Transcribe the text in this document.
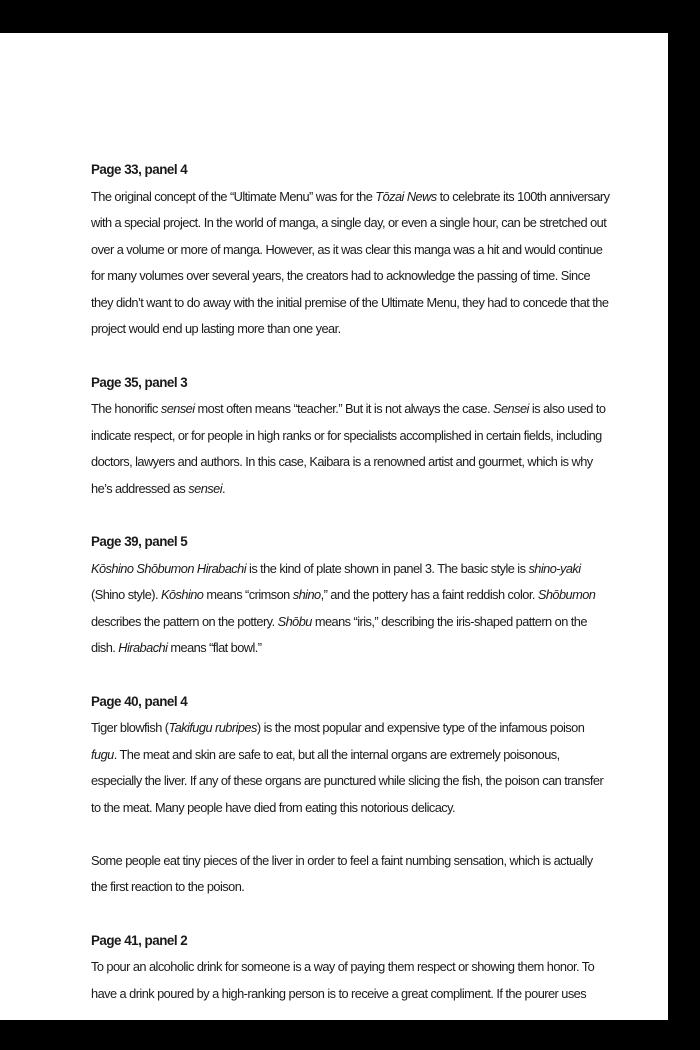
Page 33, panel 4
The original concept of the “Ultimate Menu” was for the Tōzai News to celebrate its 100th anniversary with a special project. In the world of manga, a single day, or even a single hour, can be stretched out over a volume or more of manga. However, as it was clear this manga was a hit and would continue for many volumes over several years, the creators had to acknowledge the passing of time. Since they didn’t want to do away with the initial premise of the Ultimate Menu, they had to concede that the project would end up lasting more than one year.
Page 35, panel 3
The honorific sensei most often means “teacher.” But it is not always the case. Sensei is also used to indicate respect, or for people in high ranks or for specialists accomplished in certain fields, including doctors, lawyers and authors. In this case, Kaibara is a renowned artist and gourmet, which is why he’s addressed as sensei.
Page 39, panel 5
Kōshino Shōbumon Hirabachi is the kind of plate shown in panel 3. The basic style is shino-yaki (Shino style). Kōshino means “crimson shino,” and the pottery has a faint reddish color. Shōbumon describes the pattern on the pottery. Shōbu means “iris,” describing the iris-shaped pattern on the dish. Hirabachi means “flat bowl.”
Page 40, panel 4
Tiger blowfish (Takifugu rubripes) is the most popular and expensive type of the infamous poison fugu. The meat and skin are safe to eat, but all the internal organs are extremely poisonous, especially the liver. If any of these organs are punctured while slicing the fish, the poison can transfer to the meat. Many people have died from eating this notorious delicacy.
Some people eat tiny pieces of the liver in order to feel a faint numbing sensation, which is actually the first reaction to the poison.
Page 41, panel 2
To pour an alcoholic drink for someone is a way of paying them respect or showing them honor. To have a drink poured by a high-ranking person is to receive a great compliment. If the pourer uses
